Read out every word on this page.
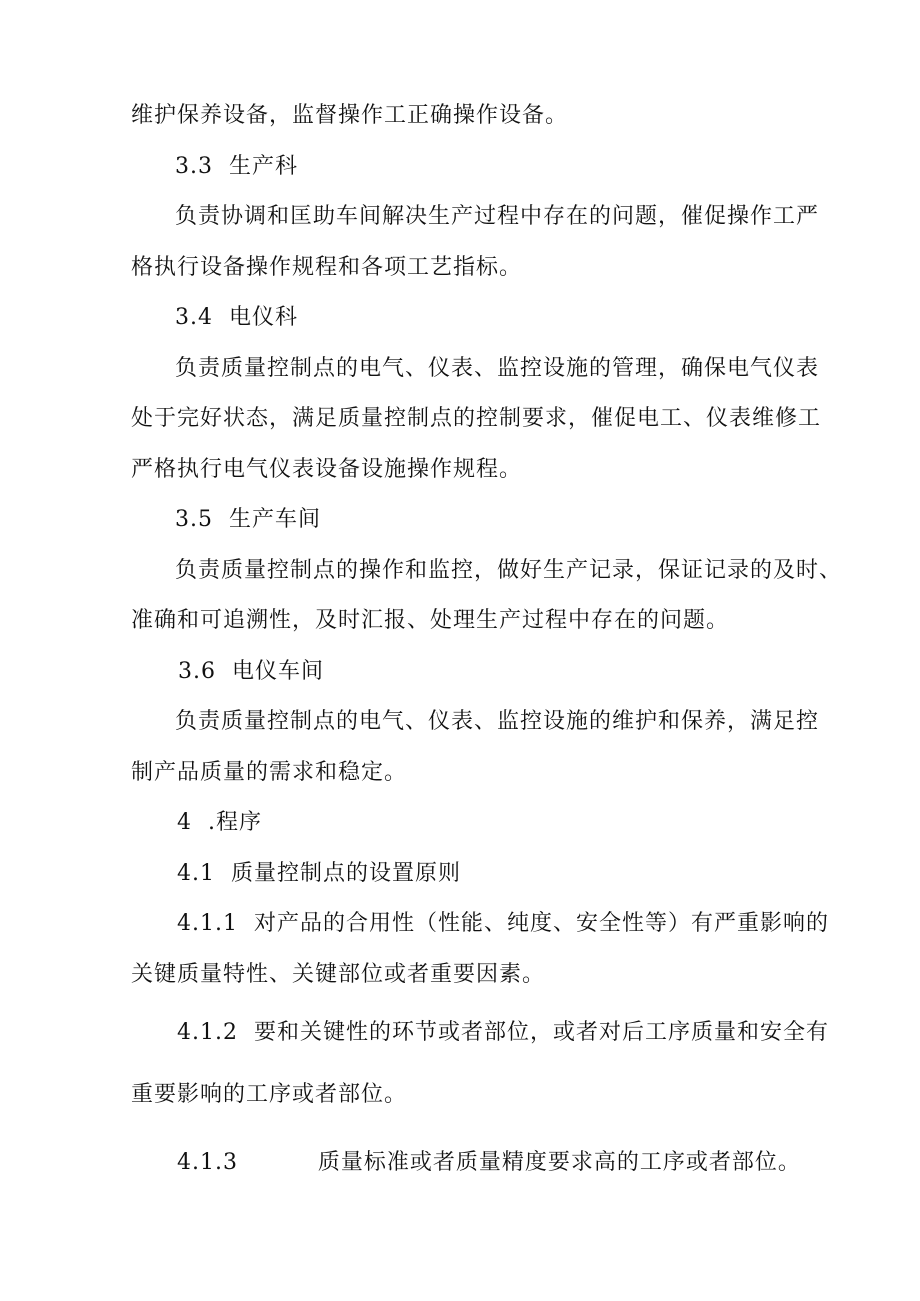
维护保养设备，监督操作工正确操作设备。
3.3  生产科
负责协调和匡助车间解决生产过程中存在的问题，催促操作工严
格执行设备操作规程和各项工艺指标。
3.4  电仪科
负责质量控制点的电气、仪表、监控设施的管理，确保电气仪表
处于完好状态，满足质量控制点的控制要求，催促电工、仪表维修工
严格执行电气仪表设备设施操作规程。
3.5  生产车间
负责质量控制点的操作和监控，做好生产记录，保证记录的及时、
准确和可追溯性，及时汇报、处理生产过程中存在的问题。
3.6  电仪车间
负责质量控制点的电气、仪表、监控设施的维护和保养，满足控
制产品质量的需求和稳定。
4  .程序
4.1  质量控制点的设置原则
4.1.1  对产品的合用性（性能、纯度、安全性等）有严重影响的
关键质量特性、关键部位或者重要因素。
4.1.2  要和关键性的环节或者部位，或者对后工序质量和安全有
重要影响的工序或者部位。
4.1.3          质量标准或者质量精度要求高的工序或者部位。
